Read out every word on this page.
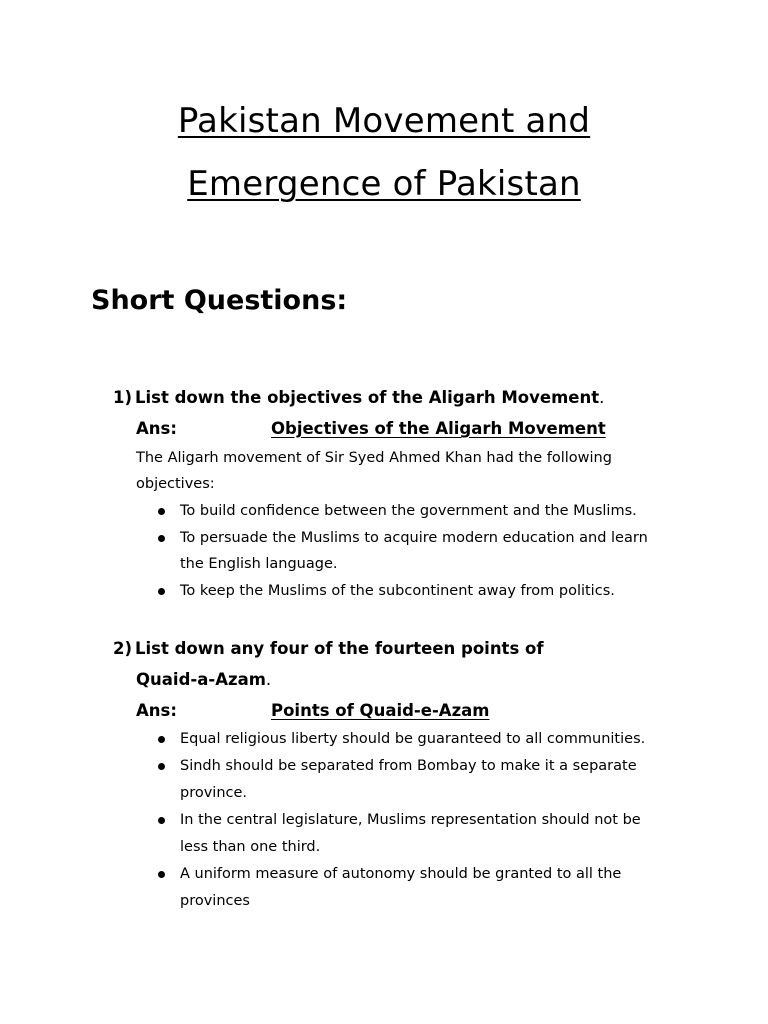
Pakistan Movement and
Emergence of Pakistan
Short Questions:
1) List down the objectives of the Aligarh Movement.
Ans:	Objectives of the Aligarh Movement
The Aligarh movement of Sir Syed Ahmed Khan had the following
objectives:
To build confidence between the government and the Muslims.
To persuade the Muslims to acquire modern education and learn
the English language.
To keep the Muslims of the subcontinent away from politics.
2) List down any four of the fourteen points of
Quaid-a-Azam.
Ans:	Points of Quaid-e-Azam
Equal religious liberty should be guaranteed to all communities.
Sindh should be separated from Bombay to make it a separate
province.
In the central legislature, Muslims representation should not be
less than one third.
A uniform measure of autonomy should be granted to all the
provinces
